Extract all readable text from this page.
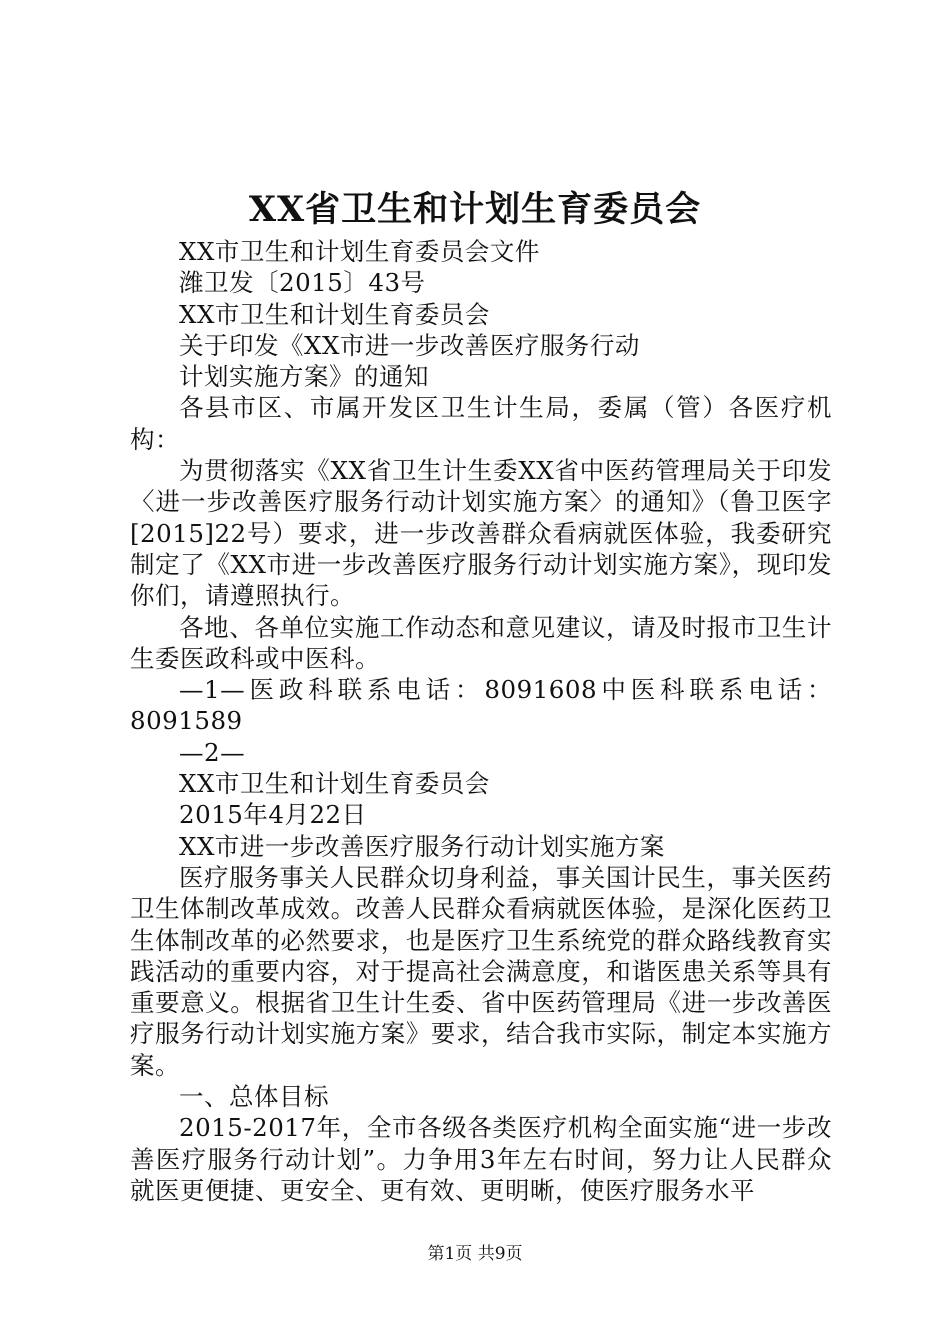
XX省卫生和计划生育委员会

XX市卫生和计划生育委员会文件

潍卫发〔2015〕43号

XX市卫生和计划生育委员会

关于印发《XX市进一步改善医疗服务行动

计划实施方案》的通知

各县市区、市属开发区卫生计生局，委属（管）各医疗机构：

为贯彻落实《XX省卫生计生委XX省中医药管理局关于印发〈进一步改善医疗服务行动计划实施方案〉的通知》（鲁卫医字[2015]22号）要求，进一步改善群众看病就医体验，我委研究制定了《XX市进一步改善医疗服务行动计划实施方案》，现印发你们，请遵照执行。

各地、各单位实施工作动态和意见建议，请及时报市卫生计生委医政科或中医科。

—1—医政科联系电话：8091608中医科联系电话：

8091589

—2—

XX市卫生和计划生育委员会

2015年4月22日

XX市进一步改善医疗服务行动计划实施方案

医疗服务事关人民群众切身利益，事关国计民生，事关医药卫生体制改革成效。改善人民群众看病就医体验，是深化医药卫生体制改革的必然要求，也是医疗卫生系统党的群众路线教育实践活动的重要内容，对于提高社会满意度，和谐医患关系等具有重要意义。根据省卫生计生委、省中医药管理局《进一步改善医疗服务行动计划实施方案》要求，结合我市实际，制定本实施方案。

一、总体目标

2015-2017年，全市各级各类医疗机构全面实施“进一步改善医疗服务行动计划”。力争用3年左右时间，努力让人民群众就医更便捷、更安全、更有效、更明晰，使医疗服务水平

第1页 共9页
